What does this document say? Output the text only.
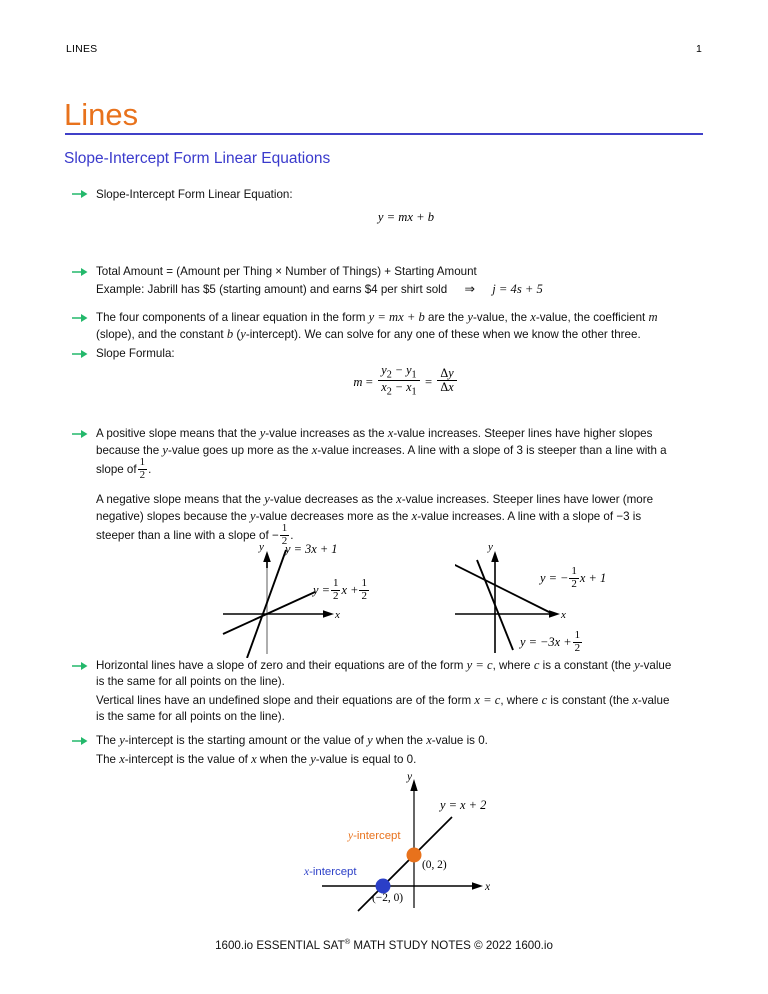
LINES	1
Lines
Slope-Intercept Form Linear Equations
Slope-Intercept Form Linear Equation:
y = mx + b
Total Amount = (Amount per Thing × Number of Things) + Starting Amount
Example: Jabrill has $5 (starting amount) and earns $4 per shirt sold ⇒ j = 4s + 5
The four components of a linear equation in the form y = mx + b are the y-value, the x-value, the coefficient m
(slope), and the constant b (y-intercept). We can solve for any one of these when we know the other three.
Slope Formula:
$m = \frac{y_2 - y_1}{x_2 - x_1} = \frac{\Delta y}{\Delta x}$
A positive slope means that the y-value increases as the x-value increases. Steeper lines have higher slopes
because the y-value goes up more as the x-value increases. A line with a slope of 3 is steeper than a line with a
slope of $\frac{1}{2}$ .
A negative slope means that the y-value decreases as the x-value increases. Steeper lines have lower (more
negative) slopes because the y-value decreases more as the x-value increases. A line with a slope of −3 is
steeper than a line with a slope of − $\frac{1}{2}$ .
x
y y = 3x + 1
$y = \frac{1}{2}$ $x + \frac{1}{2}$
x
y
y = − $\frac{1}{2}$ x + 1
$y = -3x + \frac{1}{2}$
Horizontal lines have a slope of zero and their equations are of the form y = c, where c is a constant (the y-value
is the same for all points on the line).
Vertical lines have an undefined slope and their equations are of the form x = c, where c is constant (the x-value
is the same for all points on the line).
The y-intercept is the starting amount or the value of y when the x-value is 0.
The x-intercept is the value of x when the y-value is equal to 0.
y
x
y = x + 2
y-intercept
(0, 2)
x-intercept
(−2, 0)
1600.io ESSENTIAL SAT® MATH STUDY NOTES © 2022 1600.io
